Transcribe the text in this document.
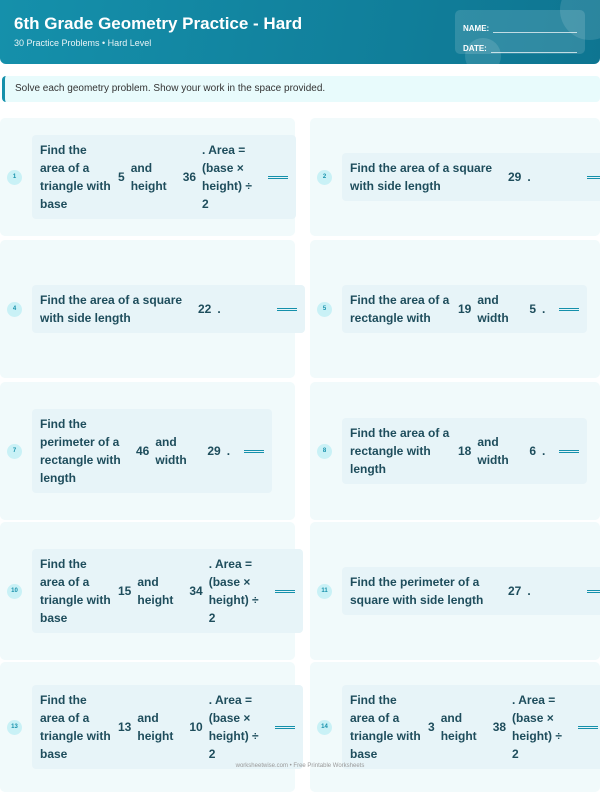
6th Grade Geometry Practice - Hard
30 Practice Problems • Hard Level
NAME:
DATE:
Solve each geometry problem. Show your work in the space provided.
1
Find the area of a triangle with base
5
and height
36
. Area = (base × height) ÷ 2
2
Find the area of a square with side length
29 .
4
Find the area of a square with side length
22 .	5
Find the area of a rectangle with
19
and width
5 .
7
Find the perimeter of a rectangle with length
46
and width
29 .	8
Find the area of a rectangle with length
18
and width
6 .
10
Find the area of a triangle with base
15
and height
34
. Area = (base × height) ÷ 2
11
Find the perimeter of a square with side length
27 .
13
Find the area of a triangle with base
13
and height
10
. Area = (base × height) ÷ 2
14
Find the area of a triangle with base
3
and height
38
. Area = (base × height) ÷ 2
worksheetwise.com • Free Printable Worksheets
